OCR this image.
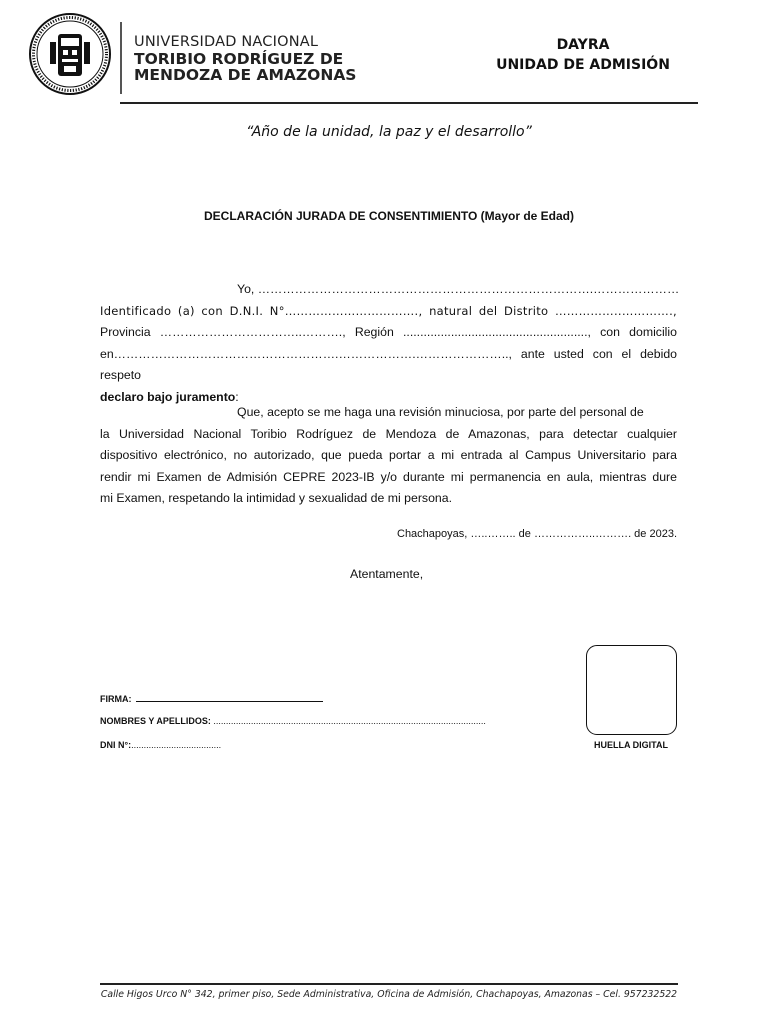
UNIVERSIDAD NACIONAL
TORIBIO RODRÍGUEZ DE
MENDOZA DE AMAZONAS
DAYRA
UNIDAD DE ADMISIÓN
“Año de la unidad, la paz y el desarrollo”
DECLARACIÓN JURADA DE CONSENTIMIENTO (Mayor de Edad)
Yo, ……………………………………………………………………….…………………
Identificado (a) con D.N.I. N°……………………………., natural del Distrito ……………..………….,
Provincia ……………………………..………., Región ......................................................, con domicilio
en……………………………………………….……………….………………….., ante usted con el debido respeto
declaro bajo juramento:
Que, acepto se me haga una revisión minuciosa, por parte del personal de
la Universidad Nacional Toribio Rodríguez de Mendoza de Amazonas, para detectar cualquier
dispositivo electrónico, no autorizado, que pueda portar a mi entrada al Campus Universitario para
rendir mi Examen de Admisión CEPRE 2023-IB y/o durante mi permanencia en aula, mientras dure
mi Examen, respetando la intimidad y sexualidad de mi persona.
Chachapoyas, …..…….. de ……………..………. de 2023.
Atentamente,
FIRMA:
NOMBRES Y APELLIDOS: .............................................................................................................
DNI N°:....................................	HUELLA DIGITAL
Calle Higos Urco N° 342, primer piso, Sede Administrativa, Oficina de Admisión, Chachapoyas, Amazonas – Cel. 957232522
